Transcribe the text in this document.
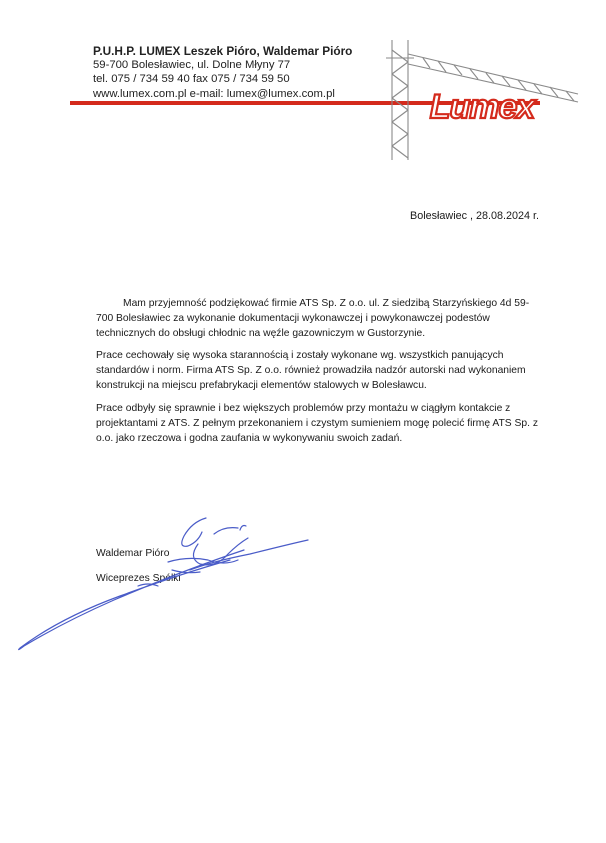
P.U.H.P. LUMEX Leszek Pióro, Waldemar Pióro
59-700 Bolesławiec, ul. Dolne Młyny 77
tel. 075 / 734 59 40 fax 075 / 734 59 50
www.lumex.com.pl e-mail: lumex@lumex.com.pl	Lumex
Bolesławiec , 28.08.2024 r.

Mam przyjemność podziękować firmie ATS Sp. Z o.o. ul. Z siedzibą Starzyńskiego 4d 59-700 Bolesławiec za wykonanie dokumentacji wykonawczej i powykonawczej podestów technicznych do obsługi chłodnic na węźle gazowniczym w Gustorzynie.

Prace cechowały się wysoka starannością i zostały wykonane wg. wszystkich panujących standardów i norm. Firma ATS Sp. Z o.o. również prowadziła nadzór autorski nad wykonaniem konstrukcji na miejscu prefabrykacji elementów stalowych w Bolesławcu.

Prace odbyły się sprawnie i bez większych problemów przy montażu w ciągłym kontakcie z projektantami z ATS. Z pełnym przekonaniem i czystym sumieniem mogę polecić firmę ATS Sp. z o.o. jako rzeczowa i godna zaufania w wykonywaniu swoich zadań.

Waldemar Pióro
Wiceprezes Spółki
